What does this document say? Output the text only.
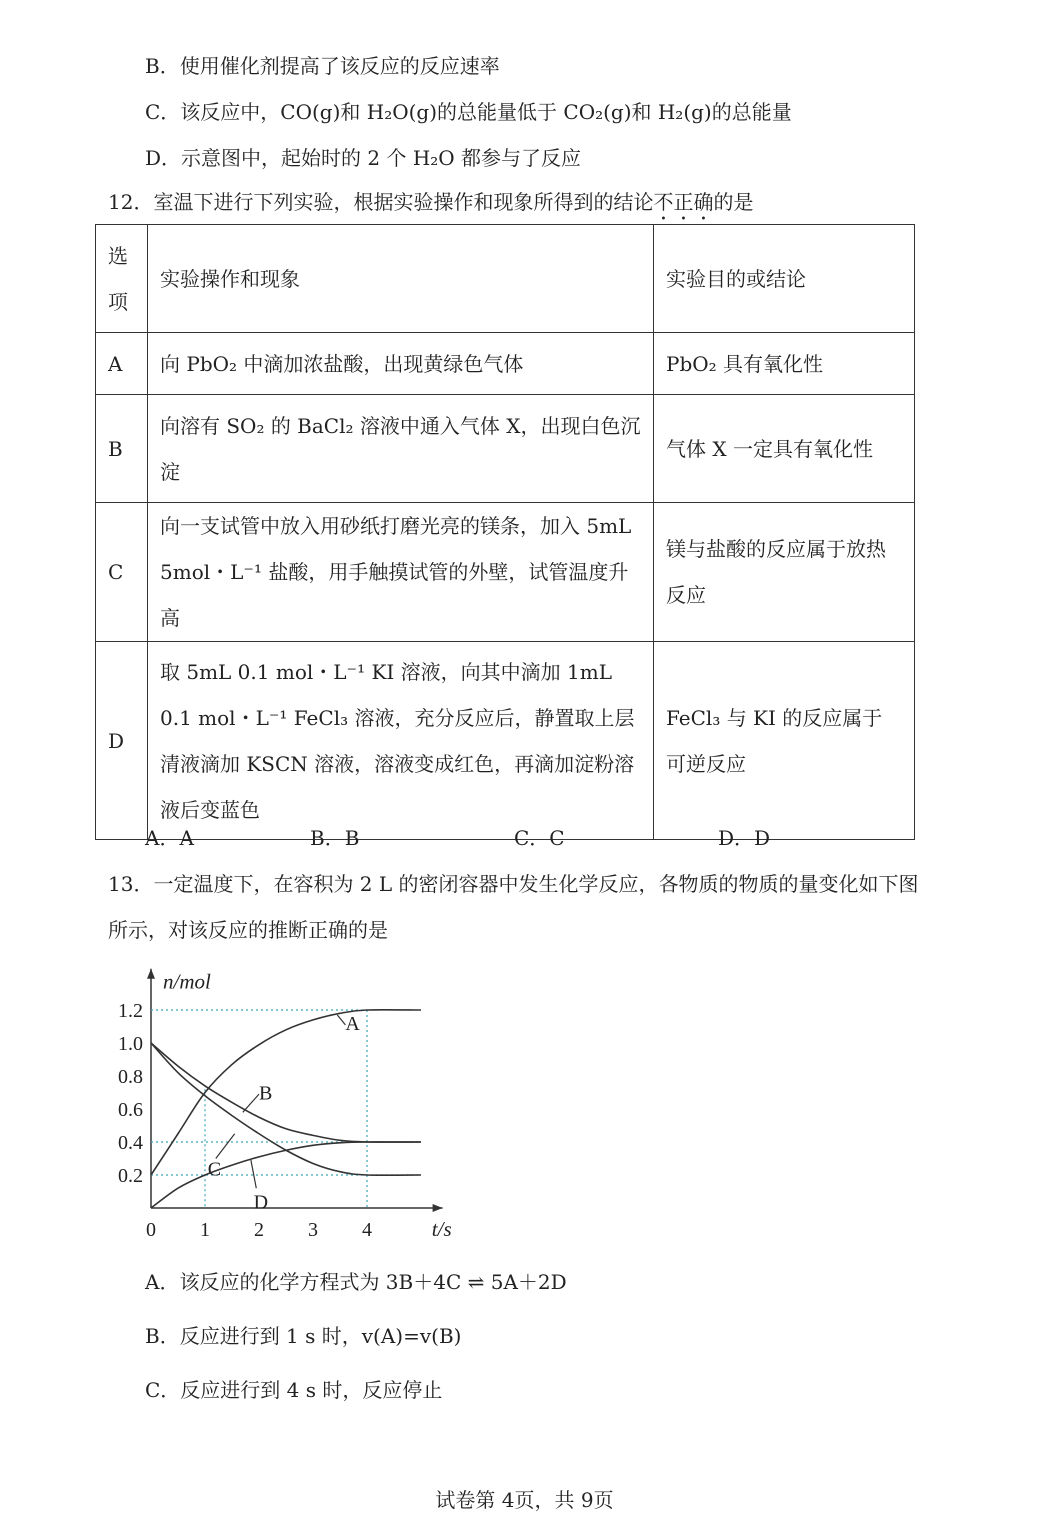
B．使用催化剂提高了该反应的反应速率
C．该反应中，CO(g)和 H₂O(g)的总能量低于 CO₂(g)和 H₂(g)的总能量
D．示意图中，起始时的 2 个 H₂O 都参与了反应
12．室温下进行下列实验，根据实验操作和现象所得到的结论不正确的是
选
项	实验操作和现象	实验目的或结论
A	向 PbO₂ 中滴加浓盐酸，出现黄绿色气体	PbO₂ 具有氧化性
B	向溶有 SO₂ 的 BaCl₂ 溶液中通入气体 X，出现白色沉淀	气体 X 一定具有氧化性
C	向一支试管中放入用砂纸打磨光亮的镁条，加入 5mL 5mol・L⁻¹ 盐酸，用手触摸试管的外壁，试管温度升高	镁与盐酸的反应属于放热反应
D	取 5mL 0.1 mol・L⁻¹ KI 溶液，向其中滴加 1mL 0.1 mol・L⁻¹ FeCl₃ 溶液，充分反应后，静置取上层清液滴加 KSCN 溶液，溶液变成红色，再滴加淀粉溶液后变蓝色	FeCl₃ 与 KI 的反应属于可逆反应
A．A	B．B	C．C	D．D
13．一定温度下，在容积为 2 L 的密闭容器中发生化学反应，各物质的物质的量变化如下图
所示，对该反应的推断正确的是
0.2
0.4
0.6
0.8
1.0
1.2
0 1 2 3 4
n/mol
t/s
A
B
C
D
A．该反应的化学方程式为 3B＋4C ⇌ 5A＋2D
B．反应进行到 1 s 时，v(A)=v(B)
C．反应进行到 4 s 时，反应停止
试卷第 4页，共 9页
